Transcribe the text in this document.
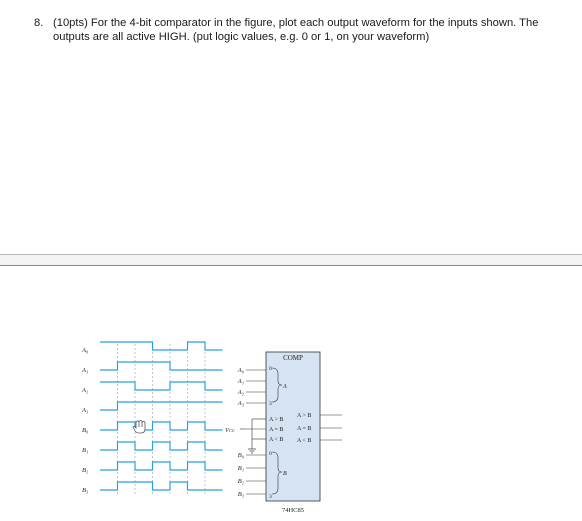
8. (10pts) For the 4-bit comparator in the figure, plot each output waveform for the inputs shown. The outputs are all active HIGH. (put logic values, e.g. 0 or 1, on your waveform)
A₀
A₁
A₂
A₃
B₀
B₁
B₂
B₃
COMP
74HC85
A₀
A₁
A₂
A₃
B₀
B₁
B₂
B₃
A
0
3
B
0
3
A > B
A = B
A < B
VCC
A > B
A = B
A < B
